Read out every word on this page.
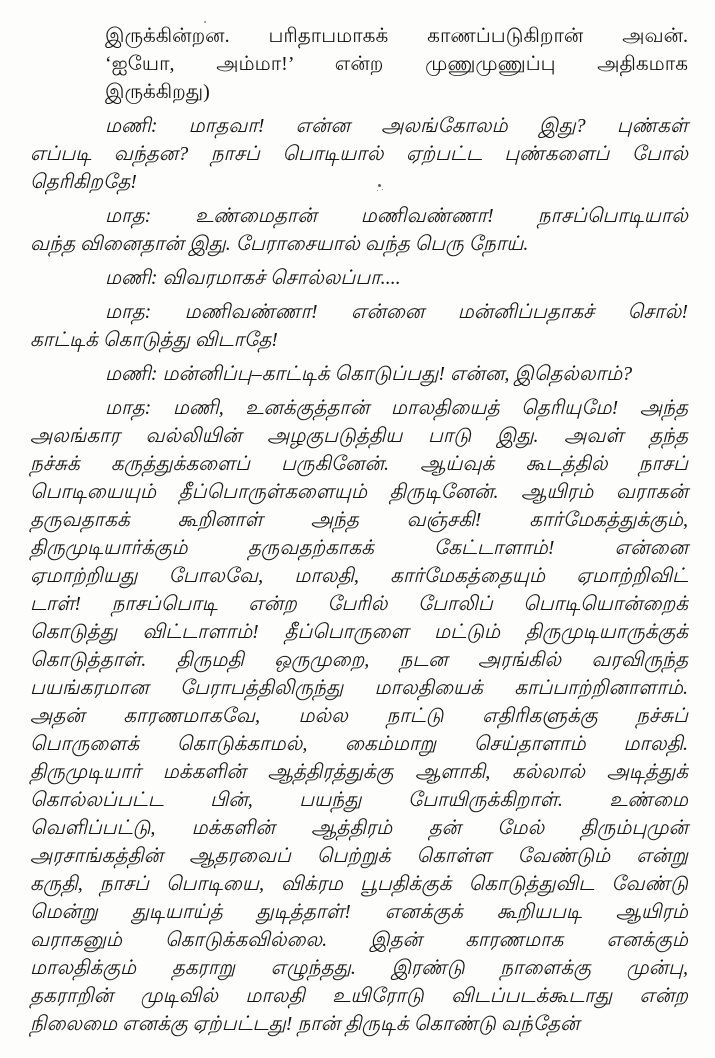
இருக்கின்றன. பரிதாபமாகக் காணப்படுகிறான் அவன்.
‘ஐயோ, அம்மா!’ என்ற முணுமுணுப்பு அதிகமாக
இருக்கிறது)

மணி: மாதவா! என்ன அலங்கோலம் இது? புண்கள்
எப்படி வந்தன? நாசப் பொடியால் ஏற்பட்ட புண்களைப் போல்
தெரிகிறதே!

மாத: உண்மைதான் மணிவண்ணா! நாசப்பொடியால்
வந்த வினைதான் இது. பேராசையால் வந்த பெரு நோய்.

மணி: விவரமாகச் சொல்லப்பா....

மாத: மணிவண்ணா! என்னை மன்னிப்பதாகச் சொல்!
காட்டிக் கொடுத்து விடாதே!

மணி: மன்னிப்பு–காட்டிக் கொடுப்பது! என்ன, இதெல்லாம்?

மாத: மணி, உனக்குத்தான் மாலதியைத் தெரியுமே! அந்த
அலங்கார வல்லியின் அழகுபடுத்திய பாடு இது. அவள் தந்த
நச்சுக் கருத்துக்களைப் பருகினேன். ஆய்வுக் கூடத்தில் நாசப்
பொடியையும் தீப்பொருள்களையும் திருடினேன். ஆயிரம் வராகன்
தருவதாகக் கூறினாள் அந்த வஞ்சகி! கார்மேகத்துக்கும்,
திருமுடியார்க்கும் தருவதற்காகக் கேட்டாளாம்! என்னை
ஏமாற்றியது போலவே, மாலதி, கார்மேகத்தையும் ஏமாற்றிவிட்
டாள்! நாசப்பொடி என்ற பேரில் போலிப் பொடியொன்றைக்
கொடுத்து விட்டாளாம்! தீப்பொருளை மட்டும் திருமுடியாருக்குக்
கொடுத்தாள். திருமதி ஒருமுறை, நடன அரங்கில் வரவிருந்த
பயங்கரமான பேராபத்திலிருந்து மாலதியைக் காப்பாற்றினாளாம்.
அதன் காரணமாகவே, மல்ல நாட்டு எதிரிகளுக்கு நச்சுப்
பொருளைக் கொடுக்காமல், கைம்மாறு செய்தாளாம் மாலதி.
திருமுடியார் மக்களின் ஆத்திரத்துக்கு ஆளாகி, கல்லால் அடித்துக்
கொல்லப்பட்ட பின், பயந்து போயிருக்கிறாள். உண்மை
வெளிப்பட்டு, மக்களின் ஆத்திரம் தன் மேல் திரும்புமுன்
அரசாங்கத்தின் ஆதரவைப் பெற்றுக் கொள்ள வேண்டும் என்று
கருதி, நாசப் பொடியை, விக்ரம பூபதிக்குக் கொடுத்துவிட வேண்டு
மென்று துடியாய்த் துடித்தாள்! எனக்குக் கூறியபடி ஆயிரம்
வராகனும் கொடுக்கவில்லை. இதன் காரணமாக எனக்கும்
மாலதிக்கும் தகராறு எழுந்தது. இரண்டு நாளைக்கு முன்பு,
தகராறின் முடிவில் மாலதி உயிரோடு விடப்படக்கூடாது என்ற
நிலைமை எனக்கு ஏற்பட்டது! நான் திருடிக் கொண்டு வந்தேன்
